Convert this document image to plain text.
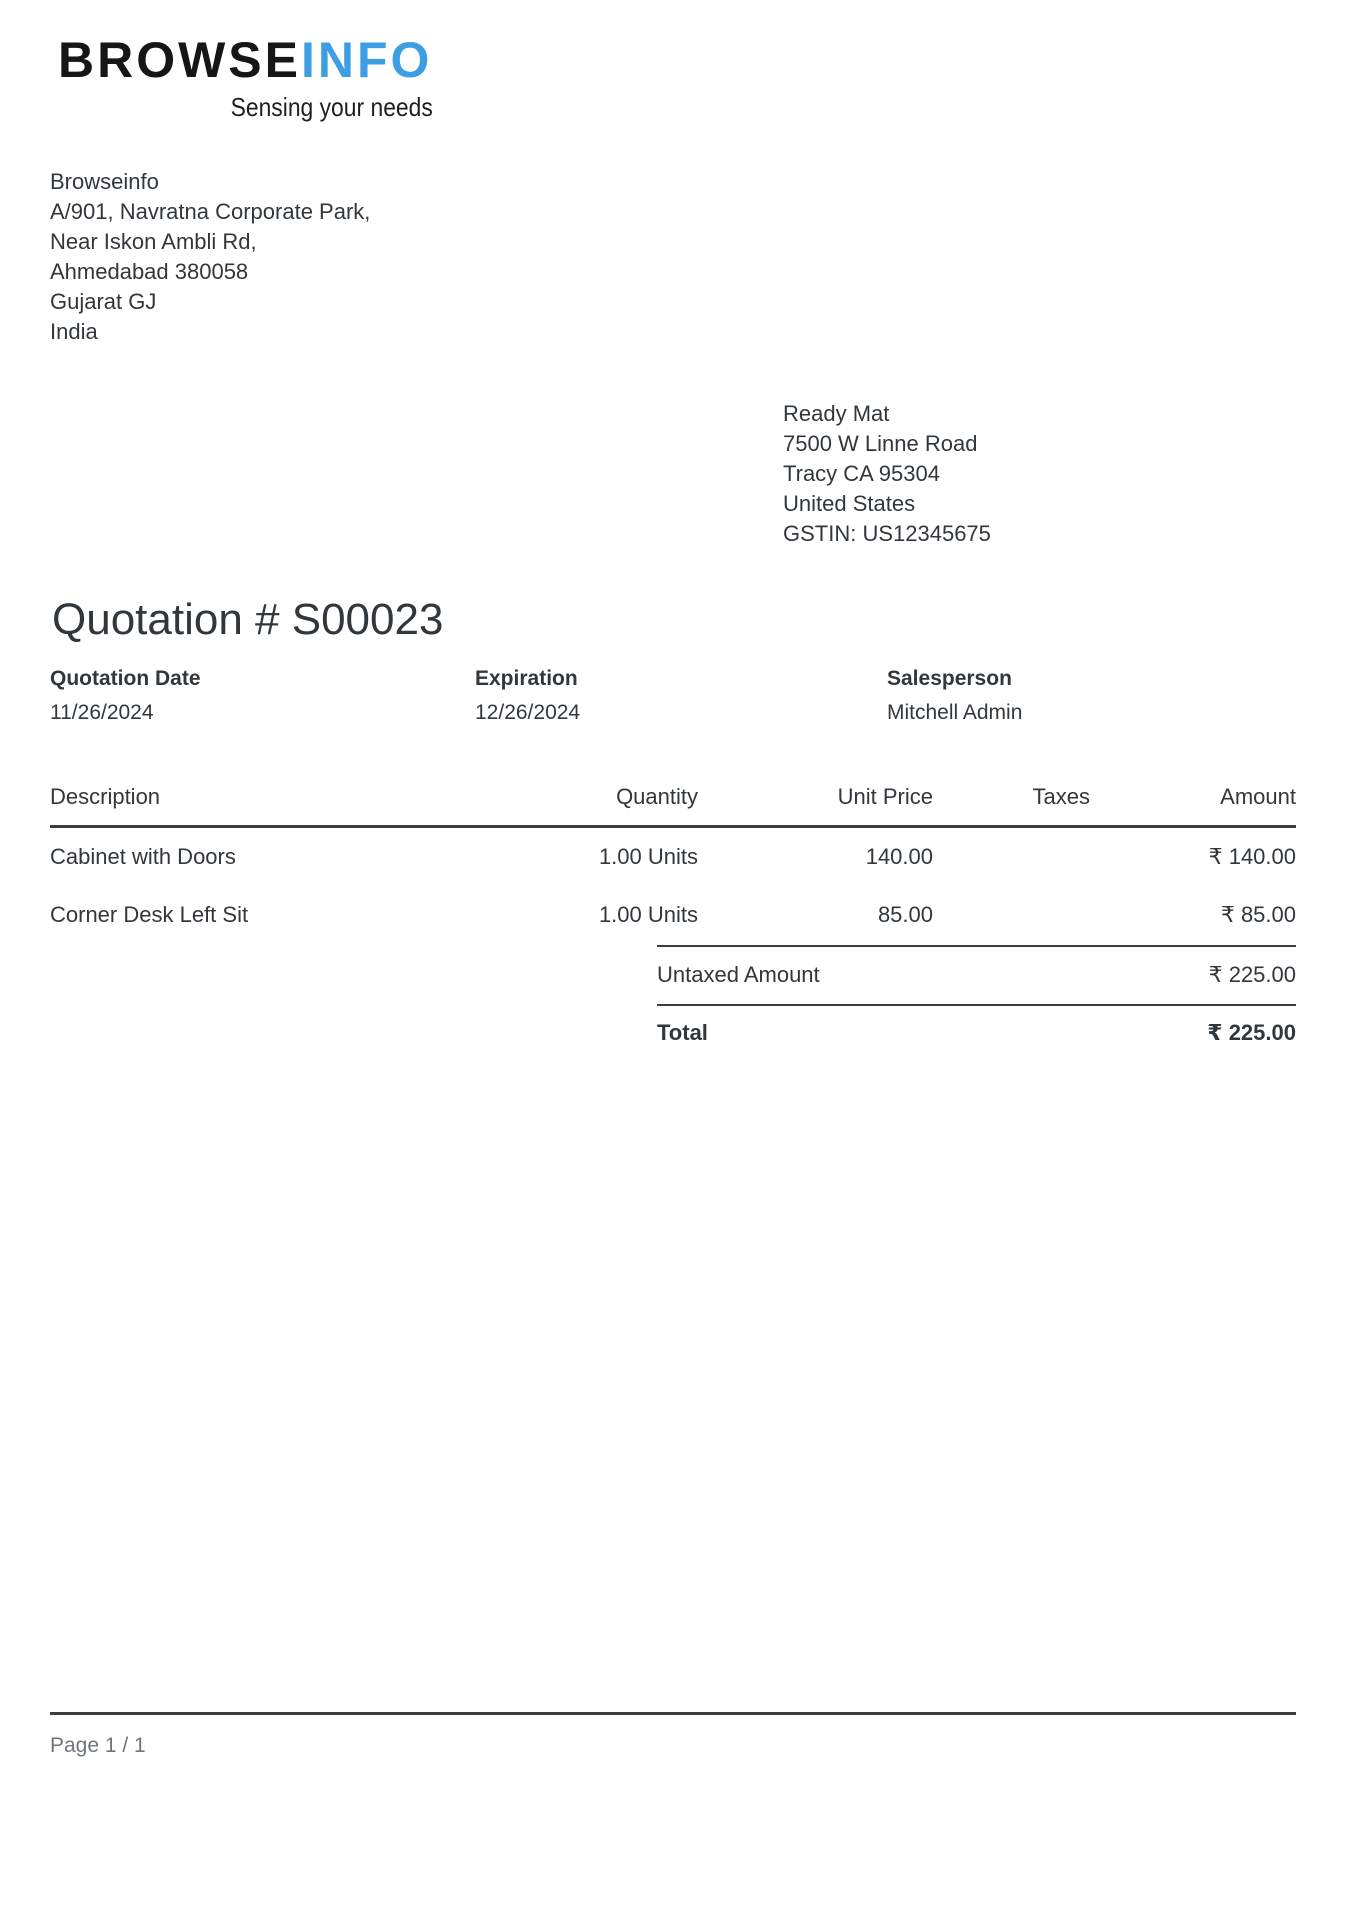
BROWSEINFO
Sensing your needs
Browseinfo
A/901, Navratna Corporate Park,
Near Iskon Ambli Rd,
Ahmedabad 380058
Gujarat GJ
India
Ready Mat
7500 W Linne Road
Tracy CA 95304
United States
GSTIN: US12345675
Quotation # S00023
Quotation Date
11/26/2024
Expiration
12/26/2024
Salesperson
Mitchell Admin
Description	Quantity	Unit Price	Taxes	Amount
Cabinet with Doors	1.00 Units	140.00		₹ 140.00
Corner Desk Left Sit	1.00 Units	85.00		₹ 85.00
Untaxed Amount	₹ 225.00
Total	₹ 225.00
Page 1 / 1
